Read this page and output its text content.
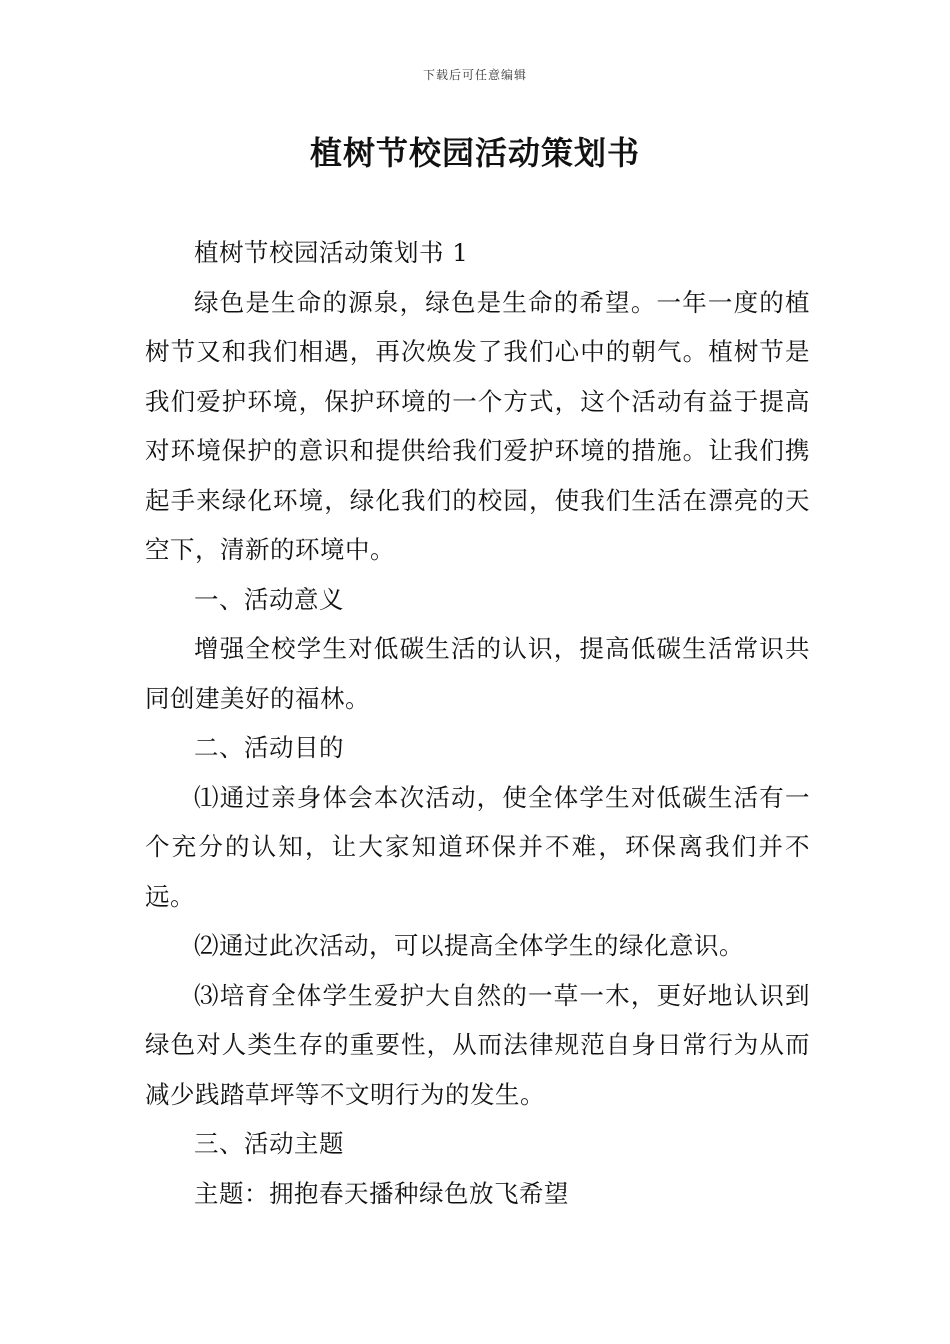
下载后可任意编辑
植树节校园活动策划书

植树节校园活动策划书 1

绿色是生命的源泉，绿色是生命的希望。一年一度的植树节又和我们相遇，再次焕发了我们心中的朝气。植树节是我们爱护环境，保护环境的一个方式，这个活动有益于提高对环境保护的意识和提供给我们爱护环境的措施。让我们携起手来绿化环境，绿化我们的校园，使我们生活在漂亮的天空下，清新的环境中。

一、活动意义

增强全校学生对低碳生活的认识，提高低碳生活常识共同创建美好的福林。

二、活动目的

⑴通过亲身体会本次活动，使全体学生对低碳生活有一个充分的认知，让大家知道环保并不难，环保离我们并不远。

⑵通过此次活动，可以提高全体学生的绿化意识。

⑶培育全体学生爱护大自然的一草一木，更好地认识到绿色对人类生存的重要性，从而法律规范自身日常行为从而减少践踏草坪等不文明行为的发生。

三、活动主题

主题：拥抱春天播种绿色放飞希望
